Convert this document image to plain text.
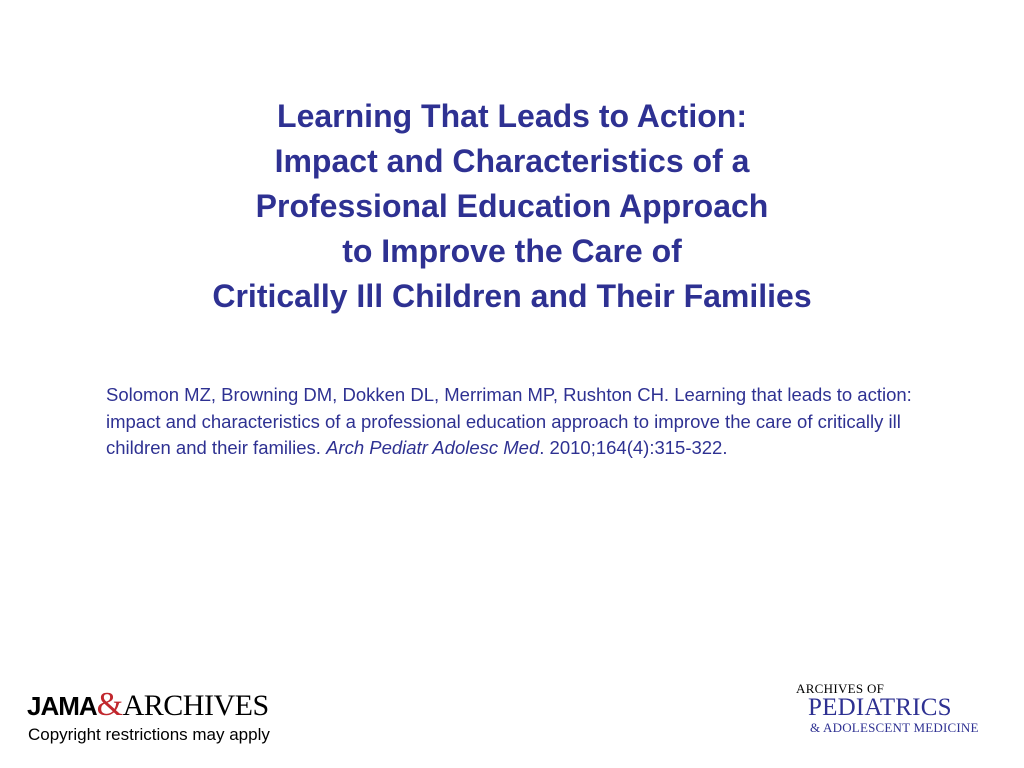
Learning That Leads to Action:
Impact and Characteristics of a
Professional Education Approach
to Improve the Care of
Critically Ill Children and Their Families
Solomon MZ, Browning DM, Dokken DL, Merriman MP, Rushton CH. Learning that leads to action: impact and characteristics of a professional education approach to improve the care of critically ill children and their families. Arch Pediatr Adolesc Med. 2010;164(4):315-322.
JAMA&ARCHIVES
Copyright restrictions may apply
ARCHIVES OF
PEDIATRICS
& ADOLESCENT MEDICINE
